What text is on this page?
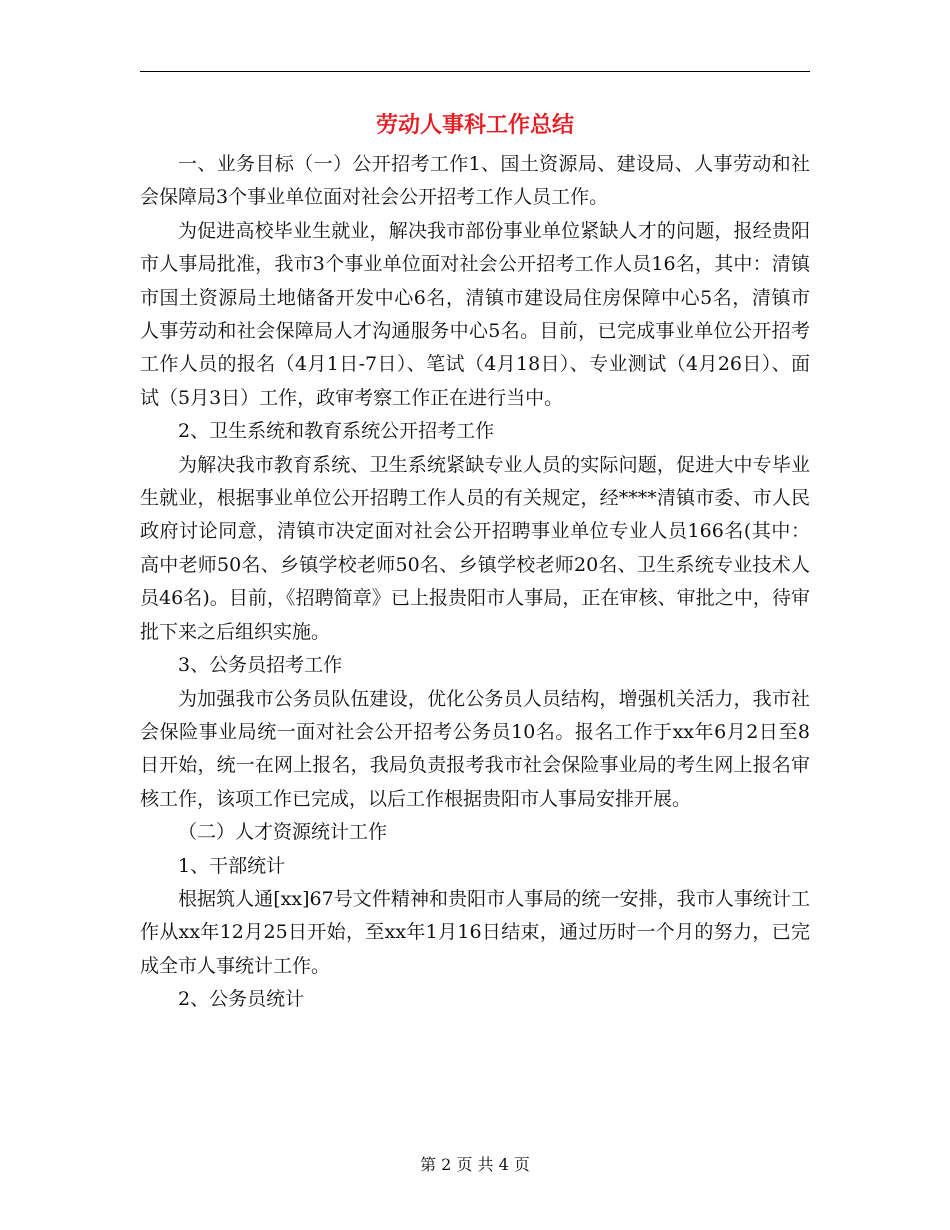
劳动人事科工作总结

一、业务目标（一）公开招考工作1、国土资源局、建设局、人事劳动和社会保障局3个事业单位面对社会公开招考工作人员工作。

为促进高校毕业生就业，解决我市部份事业单位紧缺人才的问题，报经贵阳市人事局批准，我市3个事业单位面对社会公开招考工作人员16名，其中：清镇市国土资源局土地储备开发中心6名，清镇市建设局住房保障中心5名，清镇市人事劳动和社会保障局人才沟通服务中心5名。目前，已完成事业单位公开招考工作人员的报名（4月1日-7日）、笔试（4月18日）、专业测试（4月26日）、面试（5月3日）工作，政审考察工作正在进行当中。

2、卫生系统和教育系统公开招考工作

为解决我市教育系统、卫生系统紧缺专业人员的实际问题，促进大中专毕业生就业，根据事业单位公开招聘工作人员的有关规定，经****清镇市委、市人民政府讨论同意，清镇市决定面对社会公开招聘事业单位专业人员166名(其中：高中老师50名、乡镇学校老师50名、乡镇学校老师20名、卫生系统专业技术人员46名)。目前，《招聘简章》已上报贵阳市人事局，正在审核、审批之中，待审批下来之后组织实施。

3、公务员招考工作

为加强我市公务员队伍建设，优化公务员人员结构，增强机关活力，我市社会保险事业局统一面对社会公开招考公务员10名。报名工作于xx年6月2日至8日开始，统一在网上报名，我局负责报考我市社会保险事业局的考生网上报名审核工作，该项工作已完成，以后工作根据贵阳市人事局安排开展。

（二）人才资源统计工作

1、干部统计

根据筑人通[xx]67号文件精神和贵阳市人事局的统一安排，我市人事统计工作从xx年12月25日开始，至xx年1月16日结束，通过历时一个月的努力，已完成全市人事统计工作。

2、公务员统计

第 2 页 共 4 页
